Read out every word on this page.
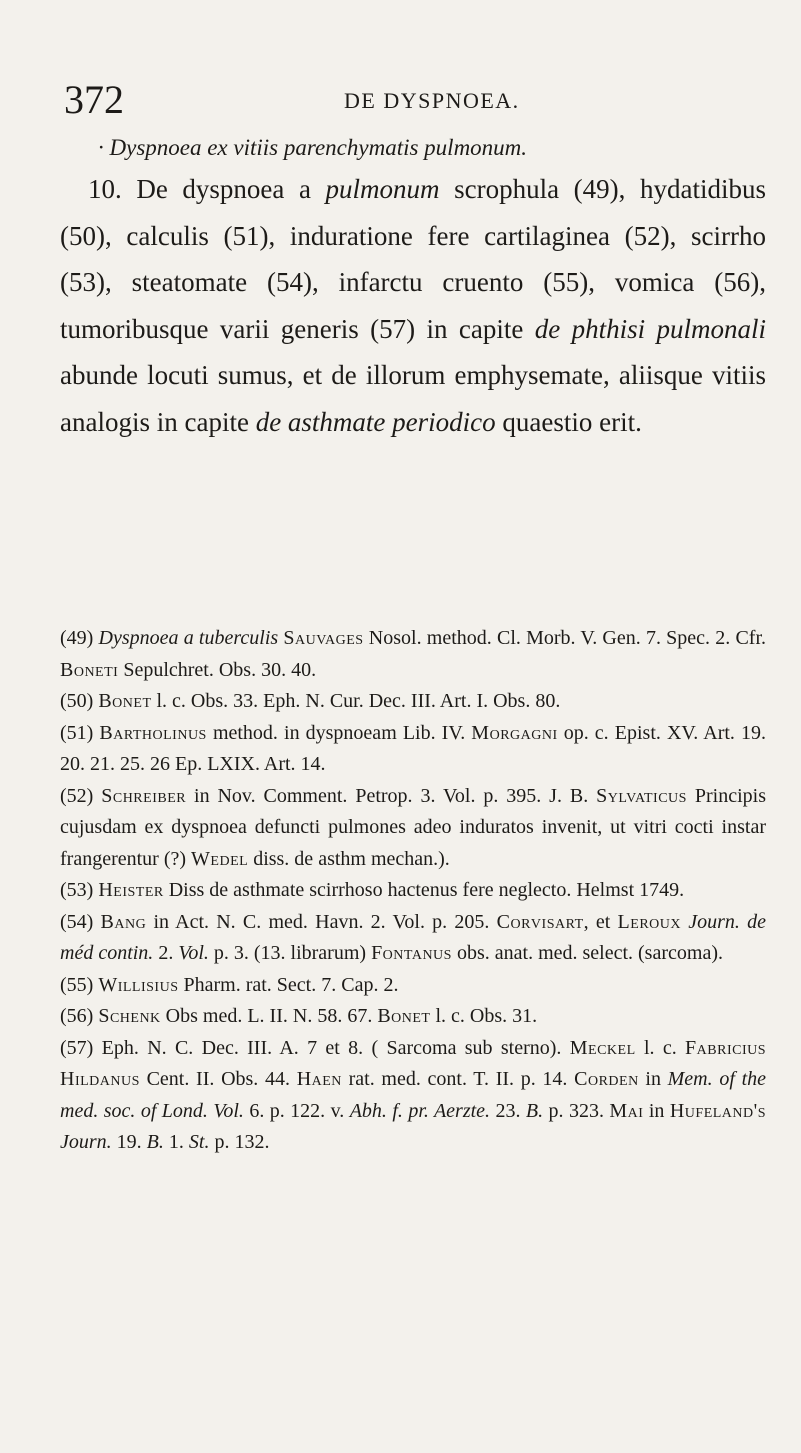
372	DE DYSPNOEA.
· Dyspnoea ex vitiis parenchymatis pulmonum.
10. De dyspnoea a pulmonum scrophula (49), hydatidibus (50), calculis (51), induratione fere cartilaginea (52), scirrho (53), steatomate (54), infarctu cruento (55), vomica (56), tumoribusque varii generis (57) in capite de phthisi pulmonali abunde locuti sumus, et de illorum emphysemate, aliisque vitiis analogis in capite de asthmate periodico quaestio erit.

(49) Dyspnoea a tuberculis Sauvages Nosol. method. Cl. Morb. V. Gen. 7. Spec. 2. Cfr. Boneti Sepulchret. Obs. 30. 40.

(50) Bonet l. c. Obs. 33. Eph. N. Cur. Dec. III. Art. I. Obs. 80.

(51) Bartholinus method. in dyspnoeam Lib. IV. Morgagni op. c. Epist. XV. Art. 19. 20. 21. 25. 26 Ep. LXIX. Art. 14.

(52) Schreiber in Nov. Comment. Petrop. 3. Vol. p. 395. J. B. Sylvaticus Principis cujusdam ex dyspnoea defuncti pulmones adeo induratos invenit, ut vitri cocti instar frangerentur (?) Wedel diss. de asthm mechan.).

(53) Heister Diss de asthmate scirrhoso hactenus fere neglecto. Helmst 1749.

(54) Bang in Act. N. C. med. Havn. 2. Vol. p. 205. Corvisart, et Leroux Journ. de méd contin. 2. Vol. p. 3. (13. librarum) Fontanus obs. anat. med. select. (sarcoma).

(55) Willisius Pharm. rat. Sect. 7. Cap. 2.

(56) Schenk Obs med. L. II. N. 58. 67. Bonet l. c. Obs. 31.

(57) Eph. N. C. Dec. III. A. 7 et 8. ( Sarcoma sub sterno). Meckel l. c. Fabricius Hildanus Cent. II. Obs. 44. Haen rat. med. cont. T. II. p. 14. Corden in Mem. of the med. soc. of Lond. Vol. 6. p. 122. v. Abh. f. pr. Aerzte. 23. B. p. 323. Mai in Hufeland's Journ. 19. B. 1. St. p. 132.
